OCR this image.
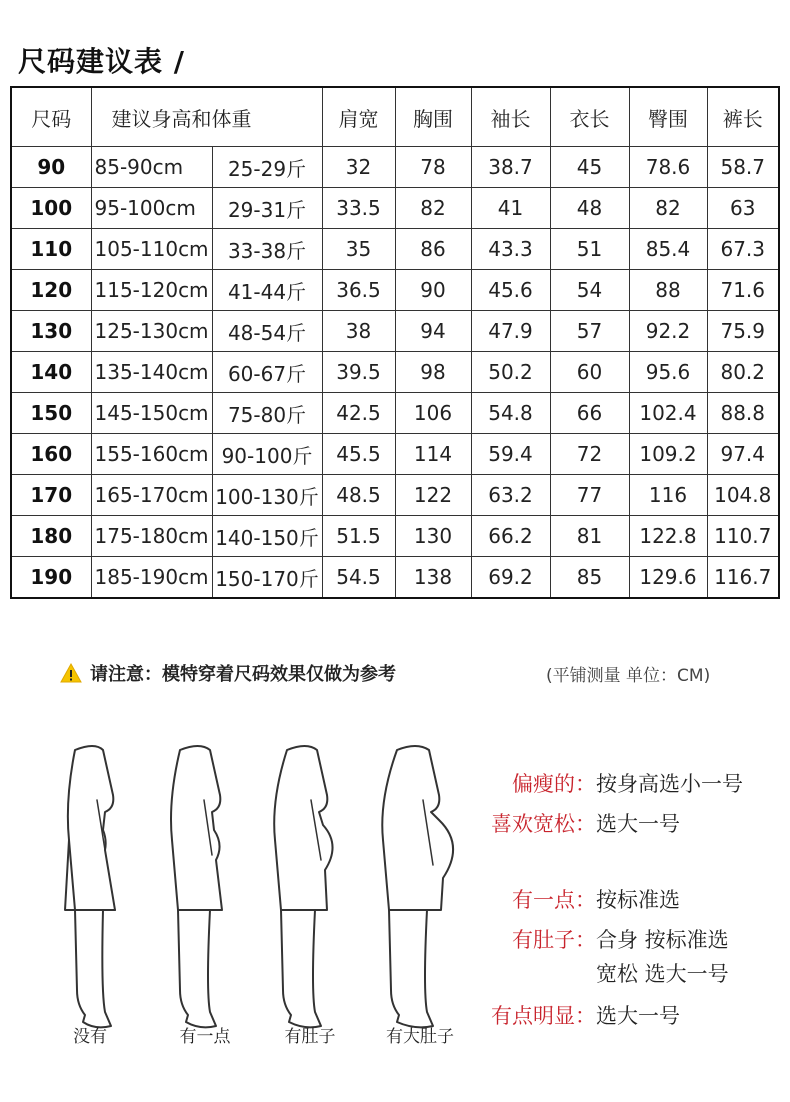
尺码建议表 /
尺码	建议身高和体重		肩宽	胸围	袖长	衣长	臀围	裤长
90	85-90cm	25-29斤	32	78	38.7	45	78.6	58.7
100	95-100cm	29-31斤	33.5	82	41	48	82	63
110	105-110cm	33-38斤	35	86	43.3	51	85.4	67.3
120	115-120cm	41-44斤	36.5	90	45.6	54	88	71.6
130	125-130cm	48-54斤	38	94	47.9	57	92.2	75.9
140	135-140cm	60-67斤	39.5	98	50.2	60	95.6	80.2
150	145-150cm	75-80斤	42.5	106	54.8	66	102.4	88.8
160	155-160cm	90-100斤	45.5	114	59.4	72	109.2	97.4
170	165-170cm	100-130斤	48.5	122	63.2	77	116	104.8
180	175-180cm	140-150斤	51.5	130	66.2	81	122.8	110.7
190	185-190cm	150-170斤	54.5	138	69.2	85	129.6	116.7
请注意：模特穿着尺码效果仅做为参考	(平铺测量 单位：CM)
没有	有一点	有肚子	有大肚子
偏瘦的：按身高选小一号
喜欢宽松：选大一号
有一点：按标准选
有肚子：合身 按标准选
宽松 选大一号
有点明显：选大一号
